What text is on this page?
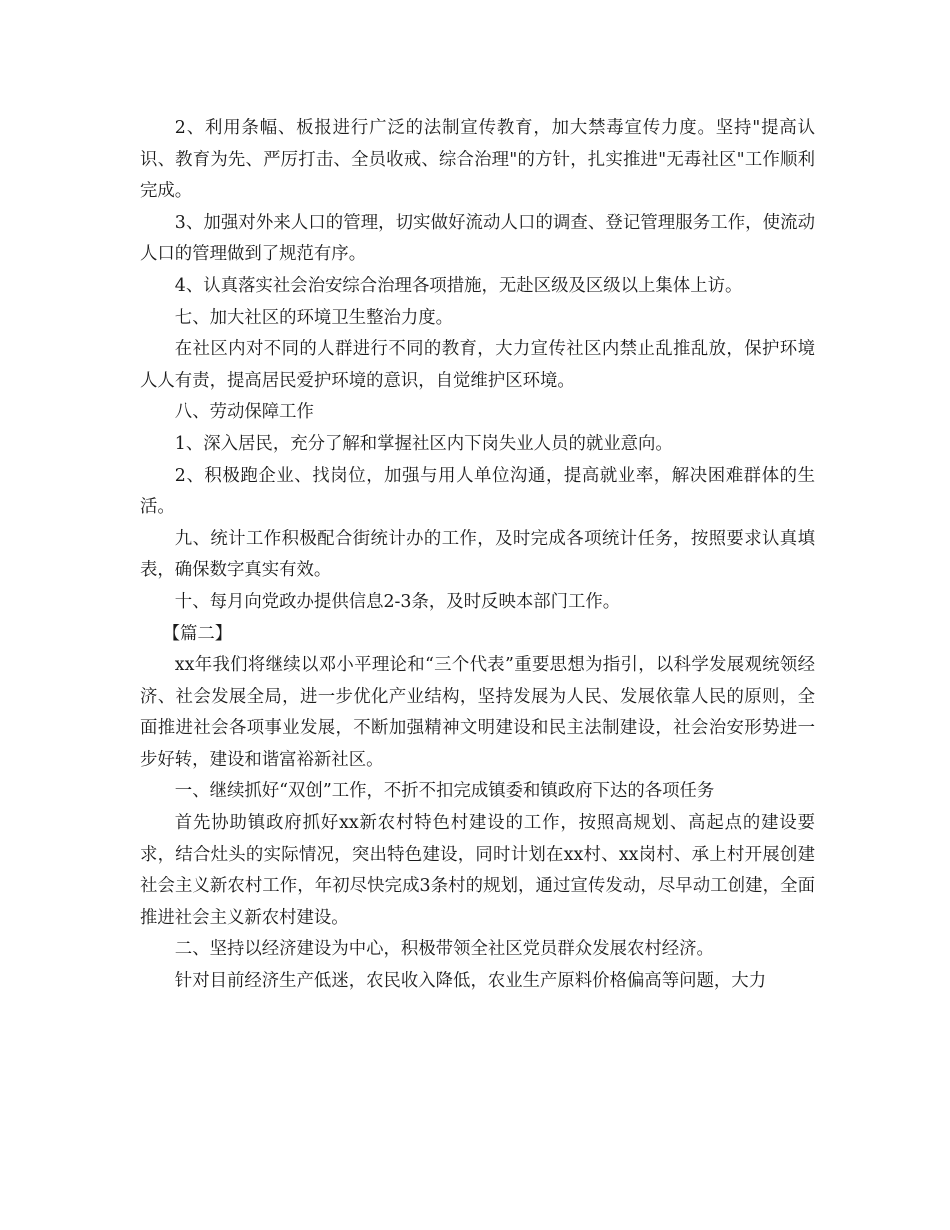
2、利用条幅、板报进行广泛的法制宣传教育，加大禁毒宣传力度。坚持"提高认识、教育为先、严厉打击、全员收戒、综合治理"的方针，扎实推进"无毒社区"工作顺利完成。

3、加强对外来人口的管理，切实做好流动人口的调查、登记管理服务工作，使流动人口的管理做到了规范有序。

4、认真落实社会治安综合治理各项措施，无赴区级及区级以上集体上访。

七、加大社区的环境卫生整治力度。

在社区内对不同的人群进行不同的教育，大力宣传社区内禁止乱推乱放，保护环境人人有责，提高居民爱护环境的意识，自觉维护区环境。

八、劳动保障工作

1、深入居民，充分了解和掌握社区内下岗失业人员的就业意向。

2、积极跑企业、找岗位，加强与用人单位沟通，提高就业率，解决困难群体的生活。

九、统计工作积极配合街统计办的工作，及时完成各项统计任务，按照要求认真填表，确保数字真实有效。

十、每月向党政办提供信息2-3条，及时反映本部门工作。

【篇二】

xx年我们将继续以邓小平理论和“三个代表”重要思想为指引，以科学发展观统领经济、社会发展全局，进一步优化产业结构，坚持发展为人民、发展依靠人民的原则，全面推进社会各项事业发展，不断加强精神文明建设和民主法制建设，社会治安形势进一步好转，建设和谐富裕新社区。

一、继续抓好“双创”工作，不折不扣完成镇委和镇政府下达的各项任务

首先协助镇政府抓好xx新农村特色村建设的工作，按照高规划、高起点的建设要求，结合灶头的实际情况，突出特色建设，同时计划在xx村、xx岗村、承上村开展创建社会主义新农村工作，年初尽快完成3条村的规划，通过宣传发动，尽早动工创建，全面推进社会主义新农村建设。

二、坚持以经济建设为中心，积极带领全社区党员群众发展农村经济。

针对目前经济生产低迷，农民收入降低，农业生产原料价格偏高等问题，大力
